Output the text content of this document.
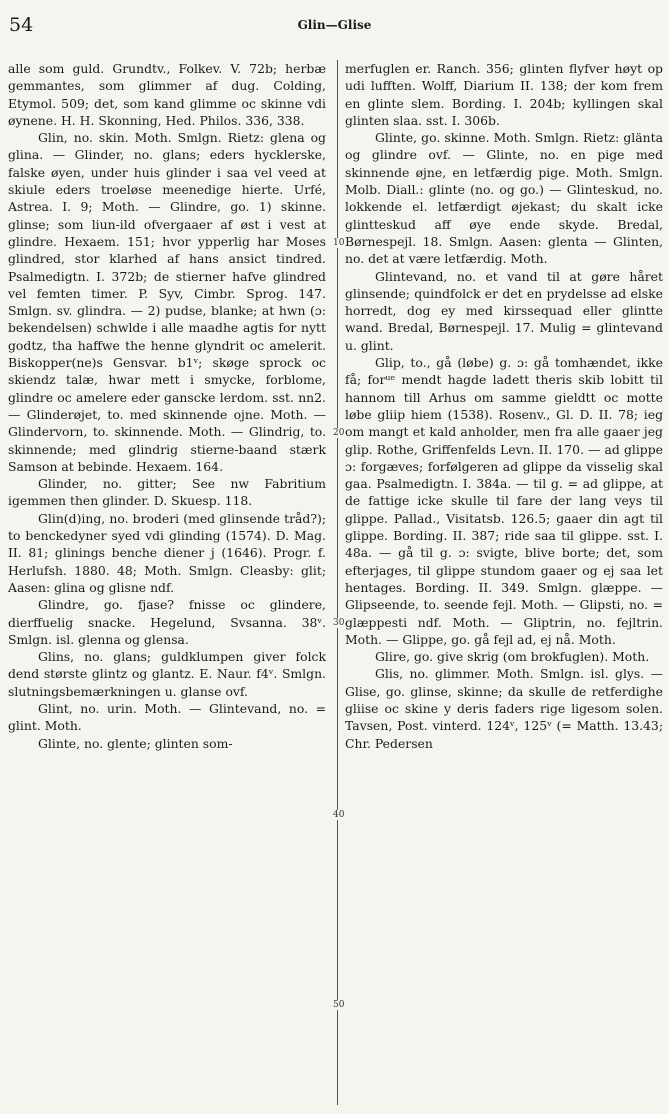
54	Glin—Glise

alle som guld. Grundtv., Folkev. V. 72b; herbæ gemmantes, som glimmer af dug. Colding, Etymol. 509; det, som kand glimme oc skinne vdi øynene. H. H. Skonning, Hed. Philos. 336, 338.

Glin, no. skin. Moth. Smlgn. Rietz: glena og glina. — Glinder, no. glans; eders hycklerske, falske øyen, under huis glinder i saa vel veed at skiule eders troeløse meenedige hierte. Urfé, Astrea. I. 9; Moth. — Glindre, go. 1) skinne. glinse; som liun-ild ofvergaaer af øst i vest at glindre. Hexaem. 151; hvor ypperlig har Moses glindred, stor klarhed af hans ansict tindred. Psalmedigtn. I. 372b; de stierner hafve glindred vel femten timer. P. Syv, Cimbr. Sprog. 147. Smlgn. sv. glindra. — 2) pudse, blanke; at hwn (ɔ: bekendelsen) schwlde i alle maadhe agtis for nytt godtz, tha haffwe the henne glyndrit oc amelerit. Biskopper(ne)s Gensvar. b1ᵛ; skøge sprock oc skiendz talæ, hwar mett i smycke, forblome, glindre oc amelere eder ganscke lerdom. sst. nn2. — Glinderøjet, to. med skinnende ojne. Moth. — Glindervorn, to. skinnende. Moth. — Glindrig, to. skinnende; med glindrig stierne-baand stærk Samson at bebinde. Hexaem. 164.

Glinder, no. gitter; See nw Fabritium igemmen then glinder. D. Skuesp. 118.

Glin(d)ing, no. broderi (med glinsende tråd?); to benckedyner syed vdi glinding (1574). D. Mag. II. 81; glinings benche diener j (1646). Progr. f. Herlufsh. 1880. 48; Moth. Smlgn. Cleasby: glit; Aasen: glina og glisne ndf.

Glindre, go. fjase? fnisse oc glindere, dierffuelig snacke. Hegelund, Svsanna. 38ᵛ. Smlgn. isl. glenna og glensa.

Glins, no. glans; guldklumpen giver folck dend største glintz og glantz. E. Naur. f4ᵛ. Smlgn. slutningsbemærkningen u. glanse ovf.

Glint, no. urin. Moth. — Glintevand, no. = glint. Moth.

Glinte, no. glente; glinten som-

10
20
30
40
50

merfuglen er. Ranch. 356; glinten flyfver høyt op udi lufften. Wolff, Diarium II. 138; der kom frem en glinte slem. Bording. I. 204b; kyllingen skal glinten slaa. sst. I. 306b.

Glinte, go. skinne. Moth. Smlgn. Rietz: glänta og glindre ovf. — Glinte, no. en pige med skinnende øjne, en letfærdig pige. Moth. Smlgn. Molb. Diall.: glinte (no. og go.) — Glinteskud, no. lokkende el. letfærdigt øjekast; du skalt icke glintteskud aff øye ende skyde. Bredal, Børnespejl. 18. Smlgn. Aasen: glenta — Glinten, no. det at være letfærdig. Moth.

Glintevand, no. et vand til at gøre håret glinsende; quindfolck er det en prydelsse ad elske horredt, dog ey med kirssequad eller glintte wand. Bredal, Børnespejl. 17. Mulig = glintevand u. glint.

Glip, to., gå (løbe) g. ɔ: gå tomhændet, ikke få; forᵘᵉ mendt hagde ladett theris skib lobitt til hannom till Arhus om samme gieldtt oc motte løbe gliip hiem (1538). Rosenv., Gl. D. II. 78; ieg om mangt et kald anholder, men fra alle gaaer jeg glip. Rothe, Griffenfelds Levn. II. 170. — ad glippe ɔ: forgæves; forfølgeren ad glippe da visselig skal gaa. Psalmedigtn. I. 384a. — til g. = ad glippe, at de fattige icke skulle til fare der lang veys til glippe. Pallad., Visitatsb. 126.5; gaaer din agt til glippe. Bording. II. 387; ride saa til glippe. sst. I. 48a. — gå til g. ɔ: svigte, blive borte; det, som efterjages, til glippe stundom gaaer og ej saa let hentages. Bording. II. 349. Smlgn. glæppe. — Glipseende, to. seende fejl. Moth. — Glipsti, no. = glæppesti ndf. Moth. — Gliptrin, no. fejltrin. Moth. — Glippe, go. gå fejl ad, ej nå. Moth.

Glire, go. give skrig (om brokfuglen). Moth.

Glis, no. glimmer. Moth. Smlgn. isl. glys. — Glise, go. glinse, skinne; da skulle de retferdighe gliise oc skine y deris faders rige ligesom solen. Tavsen, Post. vinterd. 124ᵛ, 125ᵛ (= Matth. 13.43; Chr. Pedersen
